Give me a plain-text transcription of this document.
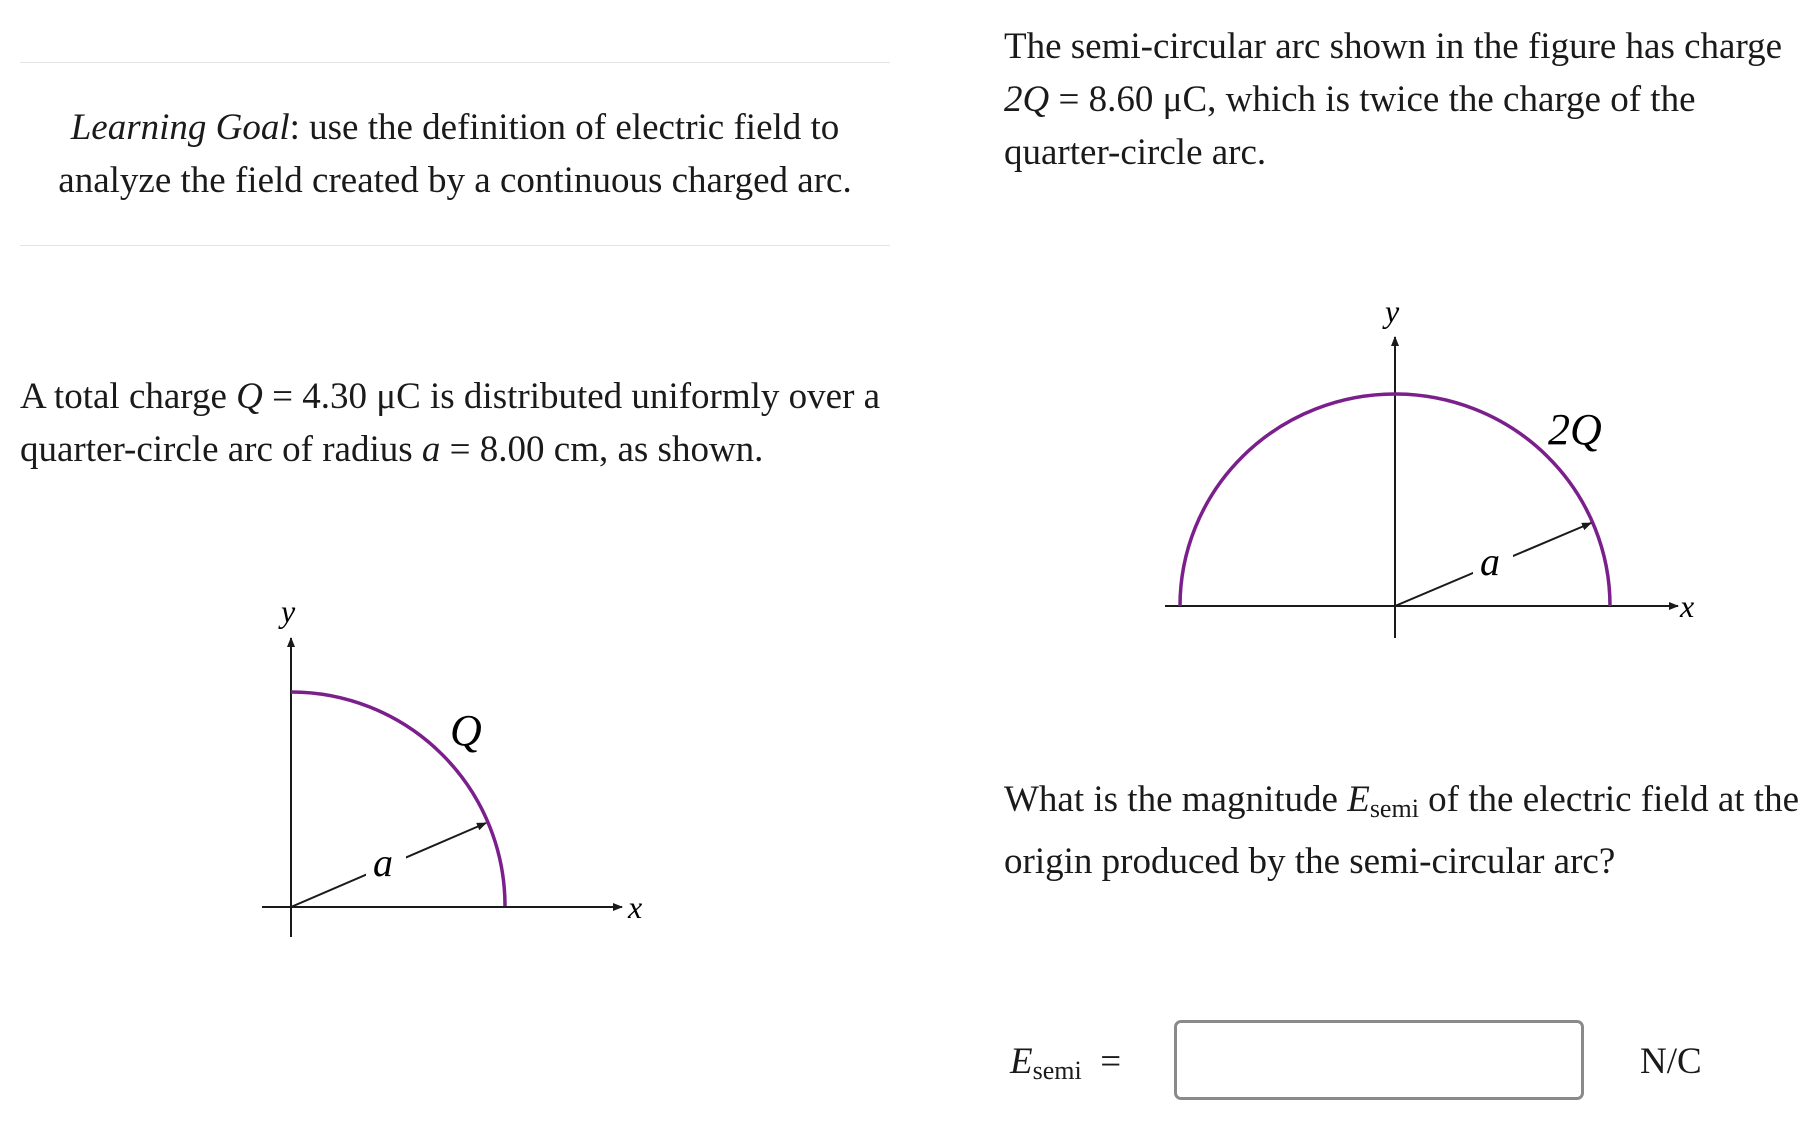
Learning Goal: use the definition of electric field to

analyze the field created by a continuous charged arc.

A total charge Q = 4.30 μC is distributed uniformly over a

quarter-circle arc of radius a = 8.00 cm, as shown.

y
x
Q
a

The semi-circular arc shown in the figure has charge

2Q = 8.60 μC, which is twice the charge of the

quarter-circle arc.

y
x
2Q
a

What is the magnitude $E_{semi}$ of the electric field at the

origin produced by the semi-circular arc?

$E_{semi}$ =	N/C
